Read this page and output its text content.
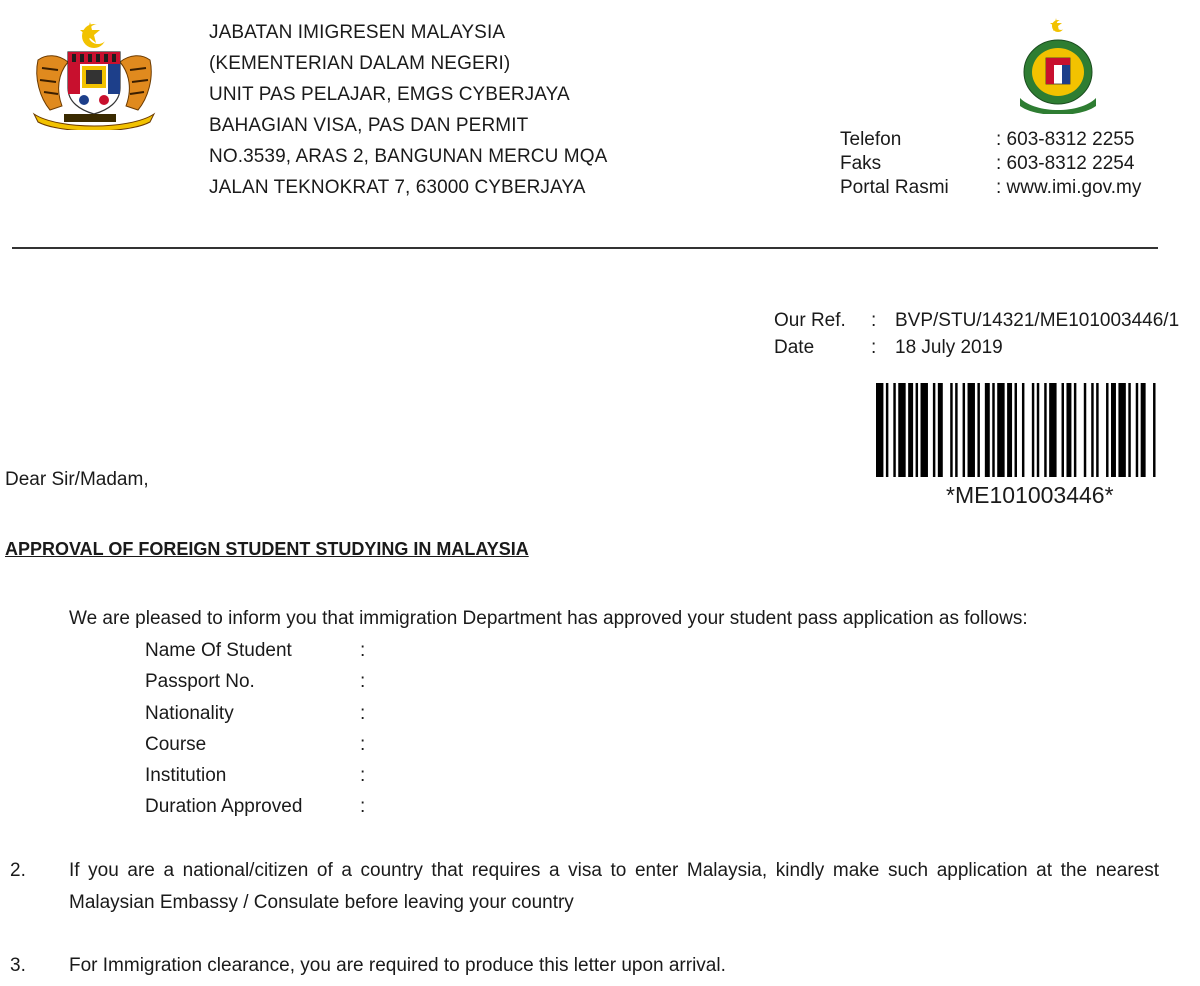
JABATAN IMIGRESEN MALAYSIA
(KEMENTERIAN DALAM NEGERI)
UNIT PAS PELAJAR, EMGS CYBERJAYA
BAHAGIAN VISA, PAS DAN PERMIT
NO.3539, ARAS 2, BANGUNAN MERCU MQA
JALAN TEKNOKRAT 7, 63000 CYBERJAYA
Telefon	: 603-8312 2255
Faks	: 603-8312 2254
Portal Rasmi : www.imi.gov.my
Our Ref. : BVP/STU/14321/ME101003446/1
Date	: 18 July 2019
*ME101003446*
Dear Sir/Madam,
APPROVAL OF FOREIGN STUDENT STUDYING IN MALAYSIA
We are pleased to inform you that immigration Department has approved your student pass application as follows:
Name Of Student	:
Passport No.	:
Nationality	:
Course	:
Institution	:
Duration Approved	:
2. If you are a national/citizen of a country that requires a visa to enter Malaysia, kindly make such application at the nearest
Malaysian Embassy / Consulate before leaving your country
3. For Immigration clearance, you are required to produce this letter upon arrival.
